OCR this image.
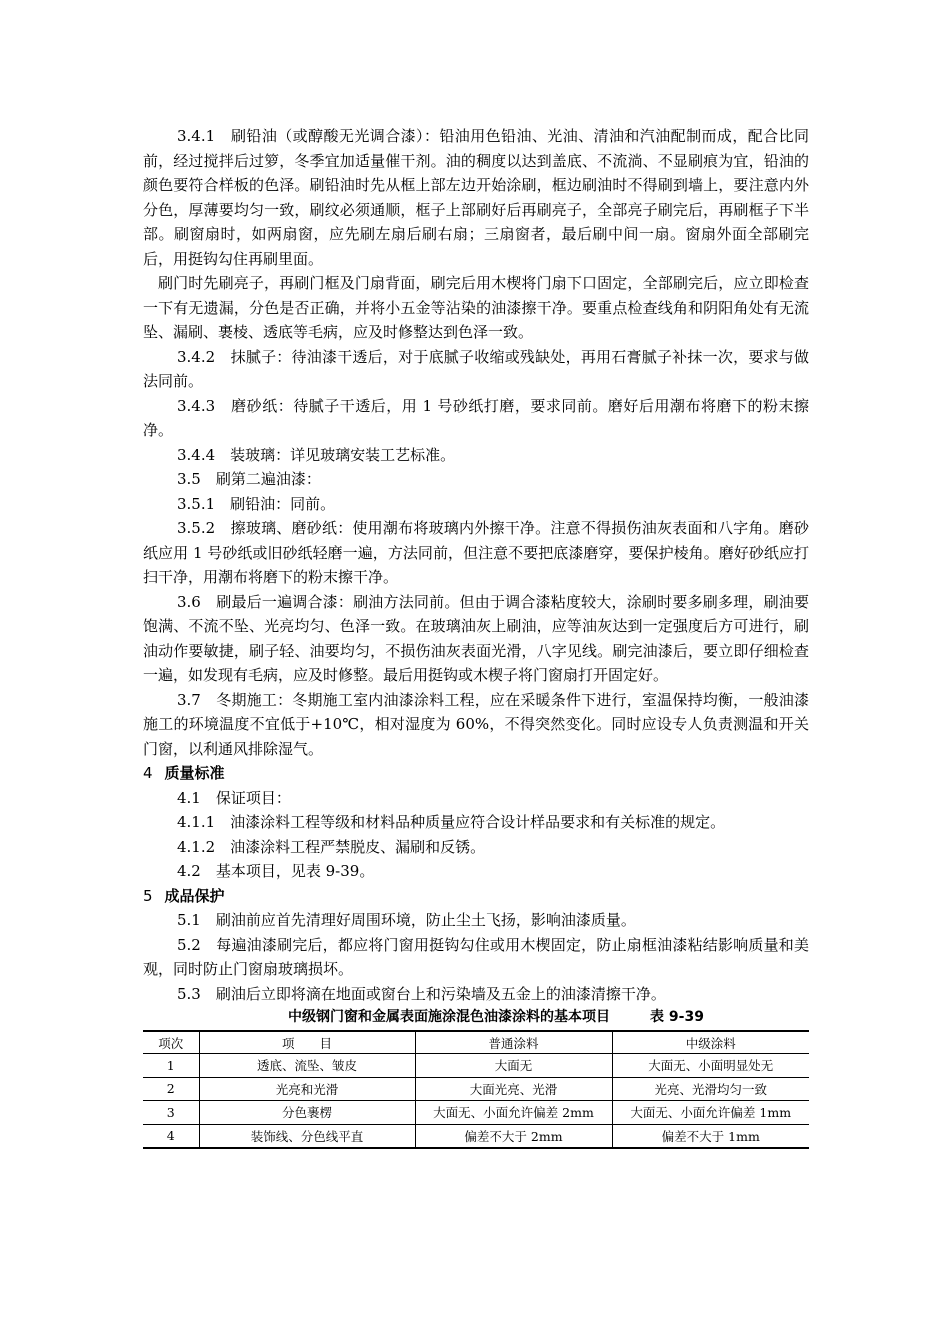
3.4.1　刷铅油（或醇酸无光调合漆）：铅油用色铅油、光油、清油和汽油配制而成，配合比同前，经过搅拌后过箩，冬季宜加适量催干剂。油的稠度以达到盖底、不流淌、不显刷痕为宜，铅油的颜色要符合样板的色泽。刷铅油时先从框上部左边开始涂刷，框边刷油时不得刷到墙上，要注意内外分色，厚薄要均匀一致，刷纹必须通顺，框子上部刷好后再刷亮子，全部亮子刷完后，再刷框子下半部。刷窗扇时，如两扇窗，应先刷左扇后刷右扇；三扇窗者，最后刷中间一扇。窗扇外面全部刷完后，用挺钩勾住再刷里面。

刷门时先刷亮子，再刷门框及门扇背面，刷完后用木楔将门扇下口固定，全部刷完后，应立即检查一下有无遗漏，分色是否正确，并将小五金等沾染的油漆擦干净。要重点检查线角和阴阳角处有无流坠、漏刷、裹棱、透底等毛病，应及时修整达到色泽一致。

3.4.2　抹腻子：待油漆干透后，对于底腻子收缩或残缺处，再用石膏腻子补抹一次，要求与做法同前。

3.4.3　磨砂纸：待腻子干透后，用 1 号砂纸打磨，要求同前。磨好后用潮布将磨下的粉末擦净。

3.4.4　装玻璃：详见玻璃安装工艺标准。

3.5　刷第二遍油漆：

3.5.1　刷铅油：同前。

3.5.2　擦玻璃、磨砂纸：使用潮布将玻璃内外擦干净。注意不得损伤油灰表面和八字角。磨砂纸应用 1 号砂纸或旧砂纸轻磨一遍，方法同前，但注意不要把底漆磨穿，要保护棱角。磨好砂纸应打扫干净，用潮布将磨下的粉末擦干净。

3.6　刷最后一遍调合漆：刷油方法同前。但由于调合漆粘度较大，涂刷时要多刷多理，刷油要饱满、不流不坠、光亮均匀、色泽一致。在玻璃油灰上刷油，应等油灰达到一定强度后方可进行，刷油动作要敏捷，刷子轻、油要均匀，不损伤油灰表面光滑，八字见线。刷完油漆后，要立即仔细检查一遍，如发现有毛病，应及时修整。最后用挺钩或木楔子将门窗扇打开固定好。

3.7　冬期施工：冬期施工室内油漆涂料工程，应在采暖条件下进行，室温保持均衡，一般油漆施工的环境温度不宜低于+10℃，相对湿度为 60%，不得突然变化。同时应设专人负责测温和开关门窗，以利通风排除湿气。

4 质量标准

4.1　保证项目：

4.1.1　油漆涂料工程等级和材料品种质量应符合设计样品要求和有关标准的规定。

4.1.2　油漆涂料工程严禁脱皮、漏刷和反锈。

4.2　基本项目，见表 9-39。

5 成品保护

5.1　刷油前应首先清理好周围环境，防止尘土飞扬，影响油漆质量。

5.2　每遍油漆刷完后，都应将门窗用挺钩勾住或用木楔固定，防止扇框油漆粘结影响质量和美观，同时防止门窗扇玻璃损坏。

5.3　刷油后立即将滴在地面或窗台上和污染墙及五金上的油漆清擦干净。

中级钢门窗和金属表面施涂混色油漆涂料的基本项目	表 9-39

项次	项　　目	普通涂料	中级涂料
1	透底、流坠、皱皮	大面无	大面无、小面明显处无
2	光亮和光滑	大面光亮、光滑	光亮、光滑均匀一致
3	分色裹楞	大面无、小面允许偏差 2mm	大面无、小面允许偏差 1mm
4	装饰线、分色线平直	偏差不大于 2mm	偏差不大于 1mm
